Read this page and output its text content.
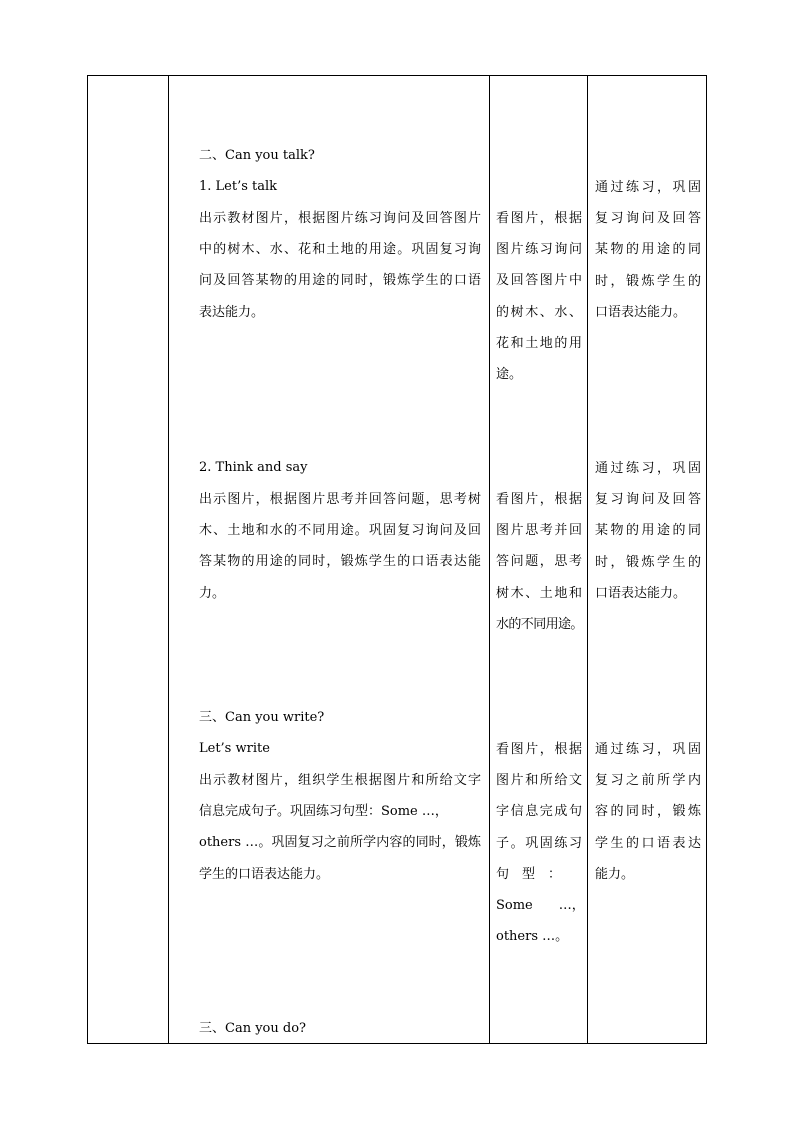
二、Can you talk?
1. Let’s talk
出示教材图片，根据图片练习询问及回答图片
中的树木、水、花和土地的用途。巩固复习询
问及回答某物的用途的同时，锻炼学生的口语
表达能力。
看图片，根据
图片练习询问
及回答图片中
的树木、水、
花和土地的用
途。
通过练习，巩固
复习询问及回答
某物的用途的同
时，锻炼学生的
口语表达能力。
2. Think and say
出示图片，根据图片思考并回答问题，思考树
木、土地和水的不同用途。巩固复习询问及回
答某物的用途的同时，锻炼学生的口语表达能
力。
看图片，根据
图片思考并回
答问题，思考
树木、土地和
水的不同用途。
通过练习，巩固
复习询问及回答
某物的用途的同
时，锻炼学生的
口语表达能力。
三、Can you write?
Let’s write
出示教材图片，组织学生根据图片和所给文字
信息完成句子。巩固练习句型：Some …，
others …。巩固复习之前所学内容的同时，锻炼
学生的口语表达能力。
看图片，根据
图片和所给文
字信息完成句
子。巩固练习
句　型　：
Some　　…，
others …。
通过练习，巩固
复习之前所学内
容的同时，锻炼
学生的口语表达
能力。
三、Can you do?
